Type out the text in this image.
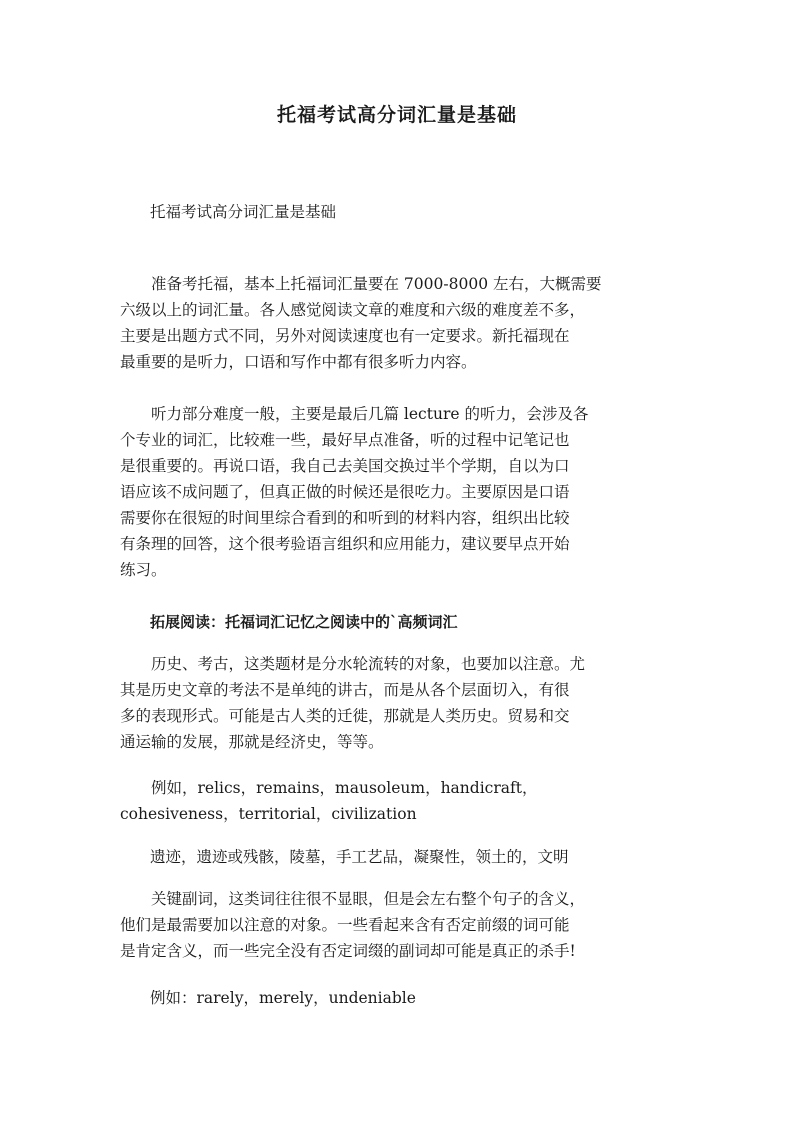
托福考试高分词汇量是基础
托福考试高分词汇量是基础
　　准备考托福，基本上托福词汇量要在 7000-8000 左右，大概需要
六级以上的词汇量。各人感觉阅读文章的难度和六级的难度差不多，
主要是出题方式不同，另外对阅读速度也有一定要求。新托福现在
最重要的是听力，口语和写作中都有很多听力内容。
　　听力部分难度一般，主要是最后几篇 lecture 的听力，会涉及各
个专业的词汇，比较难一些，最好早点准备，听的过程中记笔记也
是很重要的。再说口语，我自己去美国交换过半个学期，自以为口
语应该不成问题了，但真正做的时候还是很吃力。主要原因是口语
需要你在很短的时间里综合看到的和听到的材料内容，组织出比较
有条理的回答，这个很考验语言组织和应用能力，建议要早点开始
练习。
拓展阅读：托福词汇记忆之阅读中的`高频词汇
　　历史、考古，这类题材是分水轮流转的对象，也要加以注意。尤
其是历史文章的考法不是单纯的讲古，而是从各个层面切入，有很
多的表现形式。可能是古人类的迁徙，那就是人类历史。贸易和交
通运输的发展，那就是经济史，等等。
　　例如，relics，remains，mausoleum，handicraft，
cohesiveness，territorial，civilization
遗迹，遗迹或残骸，陵墓，手工艺品，凝聚性，领土的，文明
　　关键副词，这类词往往很不显眼，但是会左右整个句子的含义，
他们是最需要加以注意的对象。一些看起来含有否定前缀的词可能
是肯定含义，而一些完全没有否定词缀的副词却可能是真正的杀手!
例如：rarely，merely，undeniable
